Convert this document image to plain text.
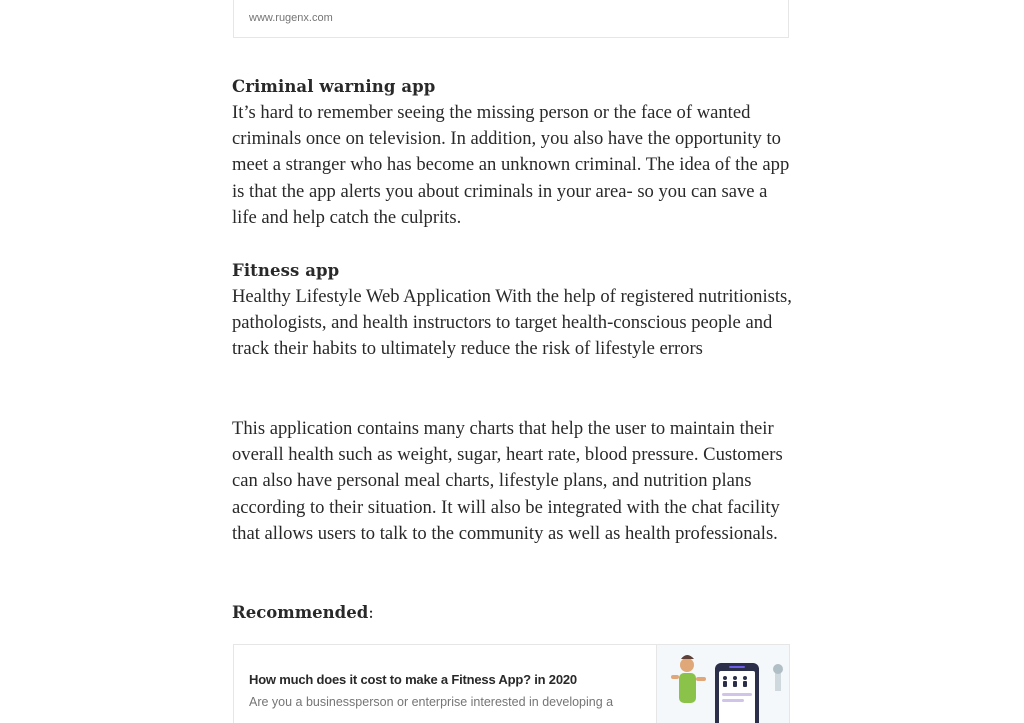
www.rugenx.com
Criminal warning app

It’s hard to remember seeing the missing person or the face of wanted criminals once on television. In addition, you also have the opportunity to meet a stranger who has become an unknown criminal. The idea of the app is that the app alerts you about criminals in your area- so you can save a life and help catch the culprits.

Fitness app

Healthy Lifestyle Web Application With the help of registered nutritionists, pathologists, and health instructors to target health-conscious people and track their habits to ultimately reduce the risk of lifestyle errors

This application contains many charts that help the user to maintain their overall health such as weight, sugar, heart rate, blood pressure. Customers can also have personal meal charts, lifestyle plans, and nutrition plans according to their situation. It will also be integrated with the chat facility that allows users to talk to the community as well as health professionals.

Recommended:
How much does it cost to make a Fitness App? in 2020
Are you a businessperson or enterprise interested in developing a
